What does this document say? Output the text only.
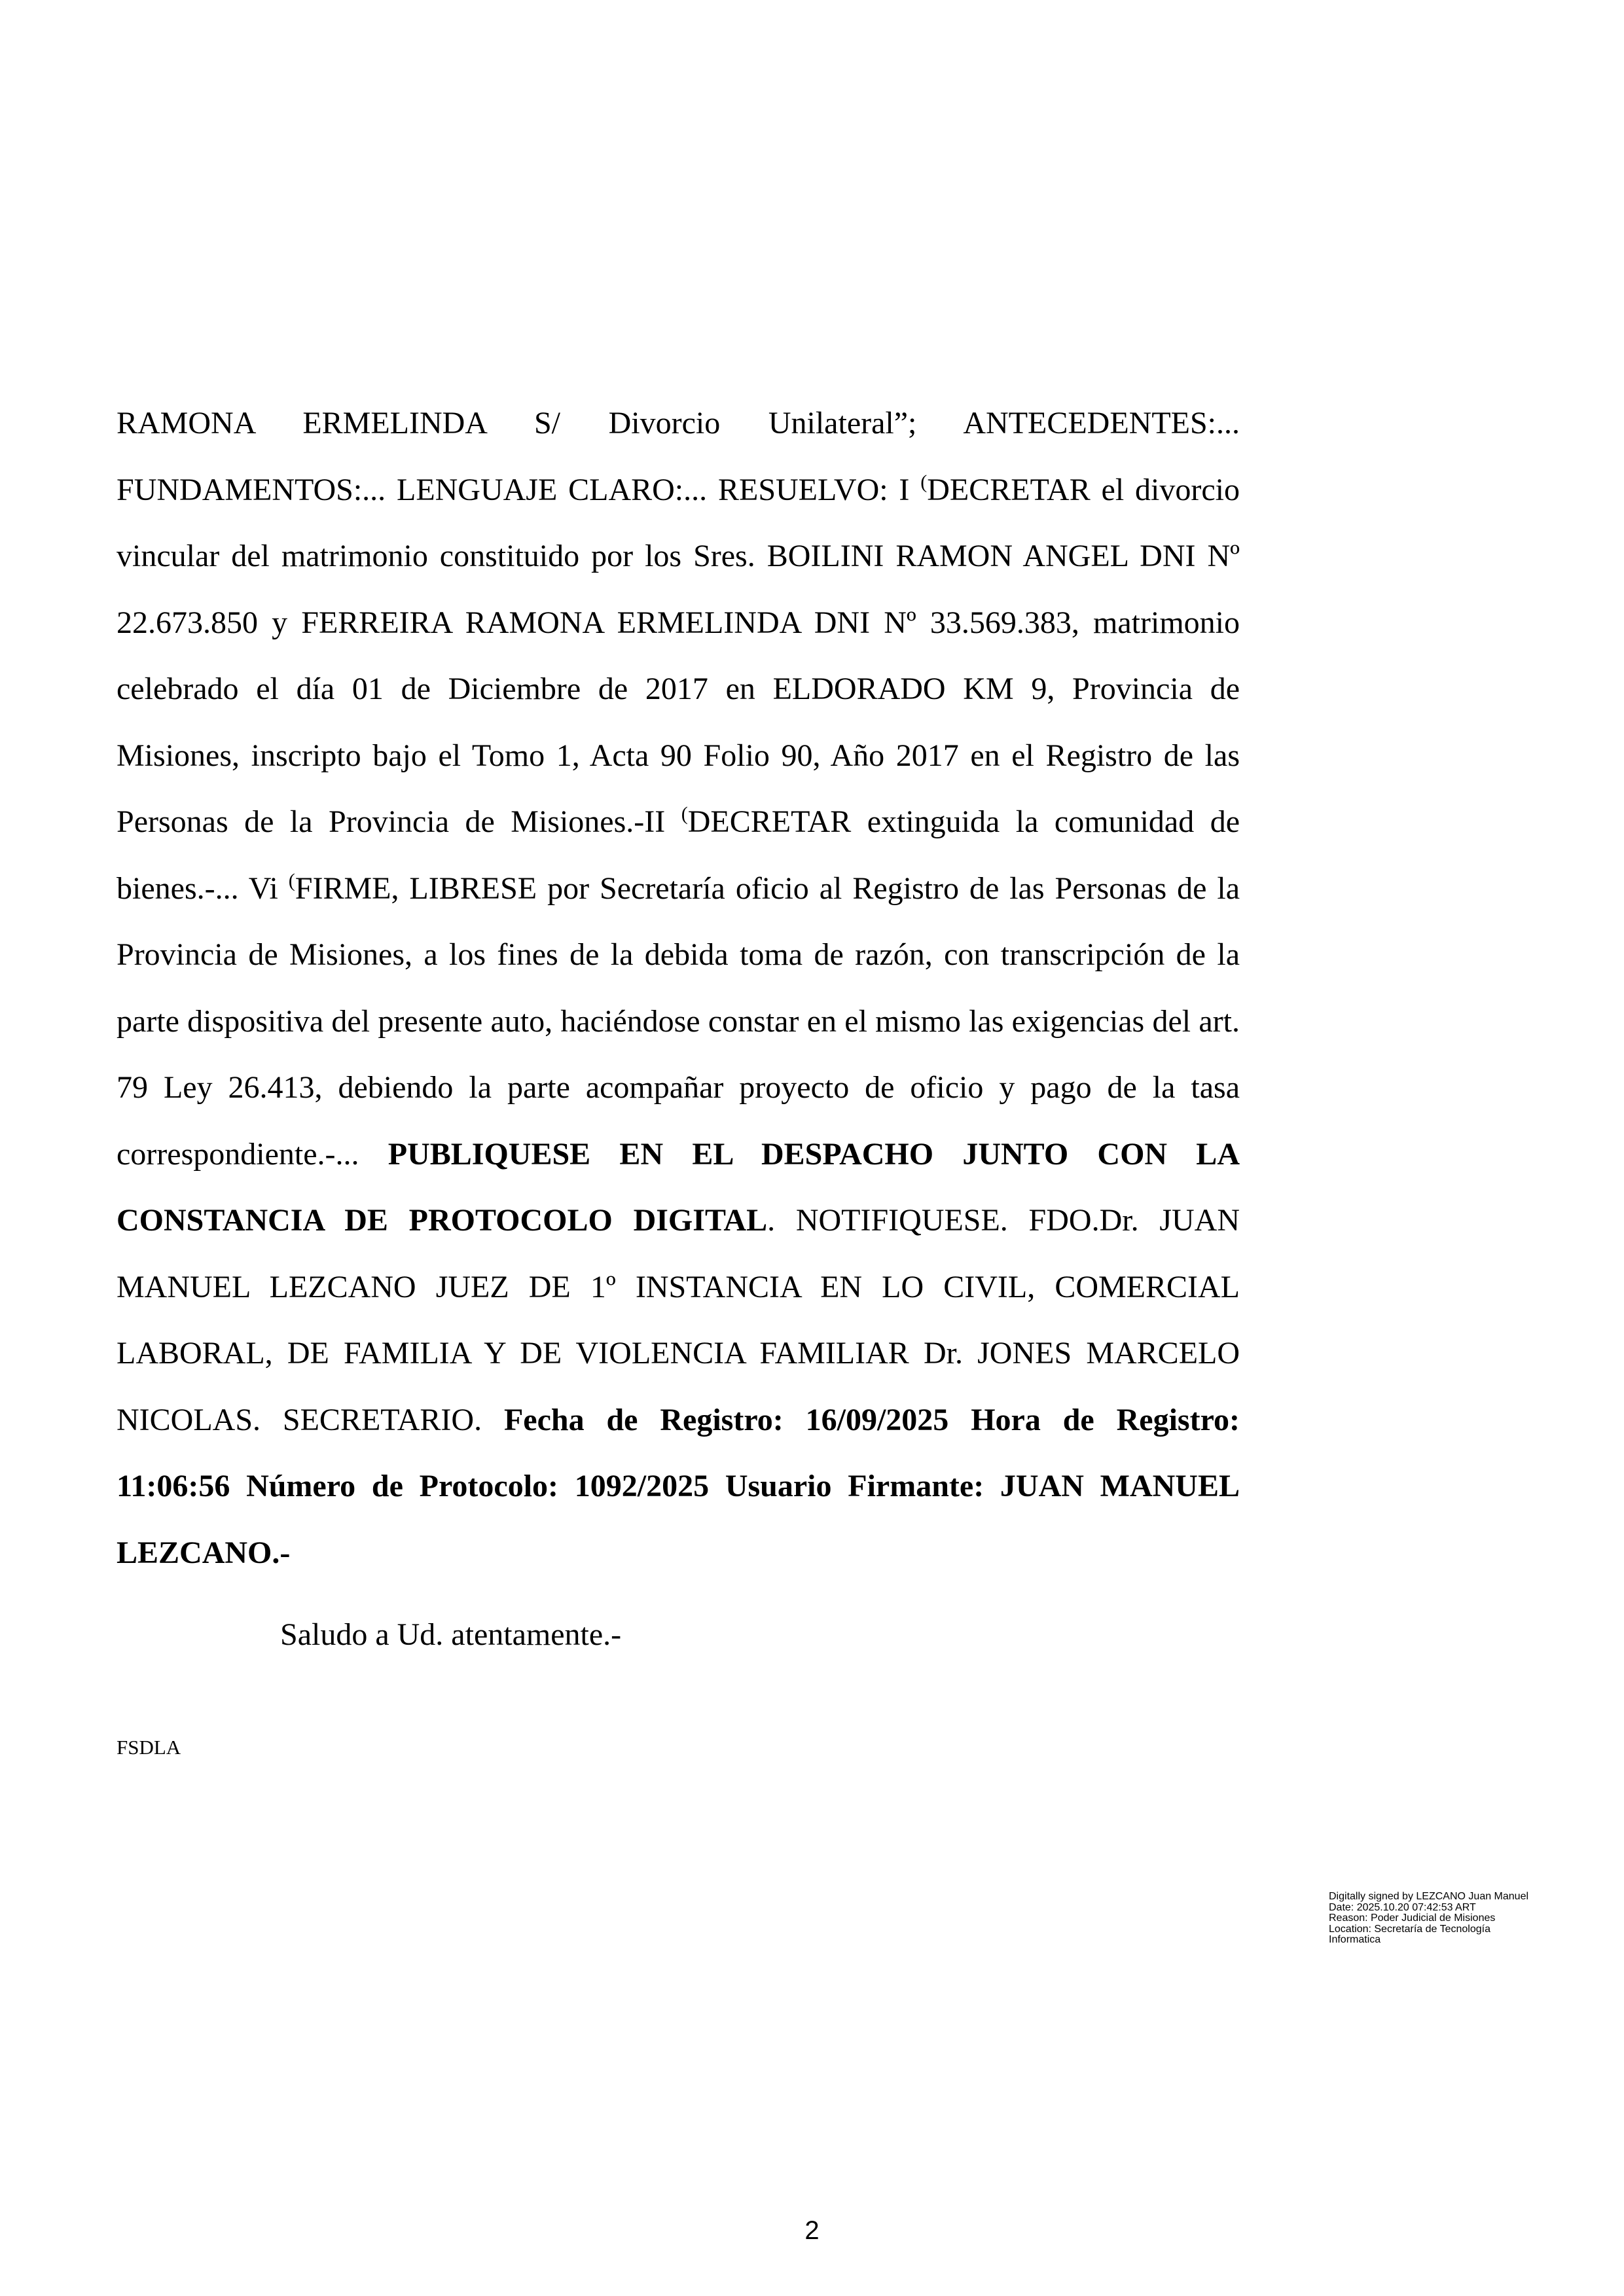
RAMONA ERMELINDA S/ Divorcio Unilateral”; ANTECEDENTES:... FUNDAMENTOS:... LENGUAJE CLARO:... RESUELVO: I (DECRETAR el divorcio vincular del matrimonio constituido por los Sres. BOILINI RAMON ANGEL DNI Nº 22.673.850 y FERREIRA RAMONA ERMELINDA DNI Nº 33.569.383, matrimonio celebrado el día 01 de Diciembre de 2017 en ELDORADO KM 9, Provincia de Misiones, inscripto bajo el Tomo 1, Acta 90 Folio 90, Año 2017 en el Registro de las Personas de la Provincia de Misiones.-II (DECRETAR extinguida la comunidad de bienes.-... Vi (FIRME, LIBRESE por Secretaría oficio al Registro de las Personas de la Provincia de Misiones, a los fines de la debida toma de razón, con transcripción de la parte dispositiva del presente auto, haciéndose constar en el mismo las exigencias del art. 79 Ley 26.413, debiendo la parte acompañar proyecto de oficio y pago de la tasa correspondiente.-... PUBLIQUESE EN EL DESPACHO JUNTO CON LA CONSTANCIA DE PROTOCOLO DIGITAL. NOTIFIQUESE. FDO.Dr. JUAN MANUEL LEZCANO JUEZ DE 1º INSTANCIA EN LO CIVIL, COMERCIAL LABORAL, DE FAMILIA Y DE VIOLENCIA FAMILIAR Dr. JONES MARCELO NICOLAS. SECRETARIO. Fecha de Registro: 16/09/2025 Hora de Registro: 11:06:56 Número de Protocolo: 1092/2025 Usuario Firmante: JUAN MANUEL LEZCANO.-

Saludo a Ud. atentamente.-

FSDLA

Digitally signed by LEZCANO Juan Manuel
Date: 2025.10.20 07:42:53 ART
Reason: Poder Judicial de Misiones
Location: Secretaría de Tecnología
Informatica
2
